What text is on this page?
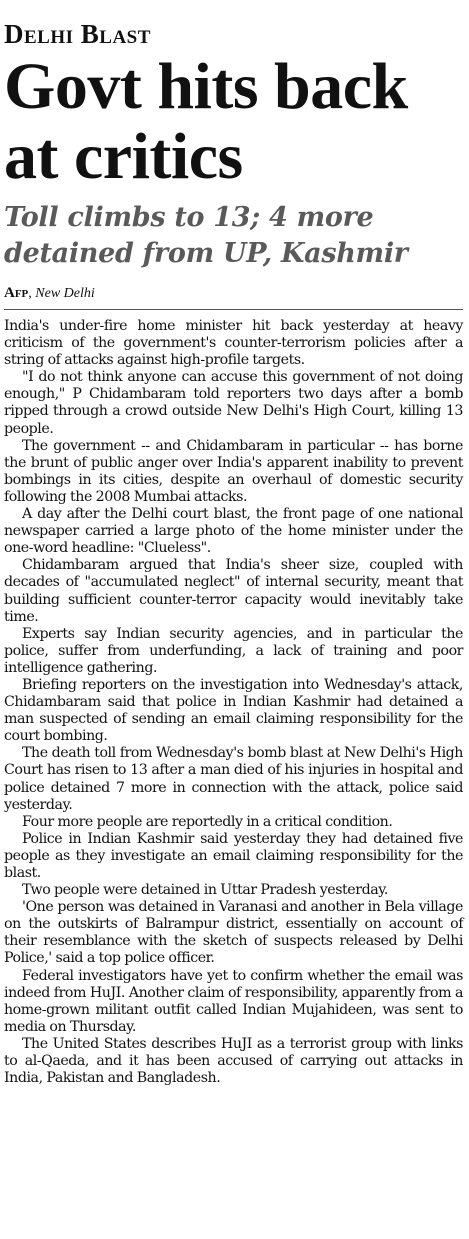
Delhi Blast
Govt hits back at critics
Toll climbs to 13; 4 more detained from UP, Kashmir
Afp, New Delhi

India's under-fire home minister hit back yesterday at heavy criticism of the government's counter-terrorism policies after a string of attacks against high-profile targets.

"I do not think anyone can accuse this government of not doing enough," P Chidambaram told reporters two days after a bomb ripped through a crowd outside New Delhi's High Court, killing 13 people.

The government -- and Chidambaram in particular -- has borne the brunt of public anger over India's apparent inability to prevent bombings in its cities, despite an overhaul of domestic security following the 2008 Mumbai attacks.

A day after the Delhi court blast, the front page of one national newspaper carried a large photo of the home minister under the one-word headline: "Clueless".

Chidambaram argued that India's sheer size, coupled with decades of "accumulated neglect" of internal security, meant that building sufficient counter-terror capacity would inevitably take time.

Experts say Indian security agencies, and in particular the police, suffer from underfunding, a lack of training and poor intelligence gathering.

Briefing reporters on the investigation into Wednesday's attack, Chidambaram said that police in Indian Kashmir had detained a man suspected of sending an email claiming responsibility for the court bombing.

The death toll from Wednesday's bomb blast at New Delhi's High Court has risen to 13 after a man died of his injuries in hospital and police detained 7 more in connection with the attack, police said yesterday.

Four more people are reportedly in a critical condition.

Police in Indian Kashmir said yesterday they had detained five people as they investigate an email claiming responsibility for the blast.

Two people were detained in Uttar Pradesh yesterday.

'One person was detained in Varanasi and another in Bela village on the outskirts of Balrampur district, essentially on account of their resemblance with the sketch of suspects released by Delhi Police,' said a top police officer.

Federal investigators have yet to confirm whether the email was indeed from HuJI. Another claim of responsibility, apparently from a home-grown militant outfit called Indian Mujahideen, was sent to media on Thursday.

The United States describes HuJI as a terrorist group with links to al-Qaeda, and it has been accused of carrying out attacks in India, Pakistan and Bangladesh.
